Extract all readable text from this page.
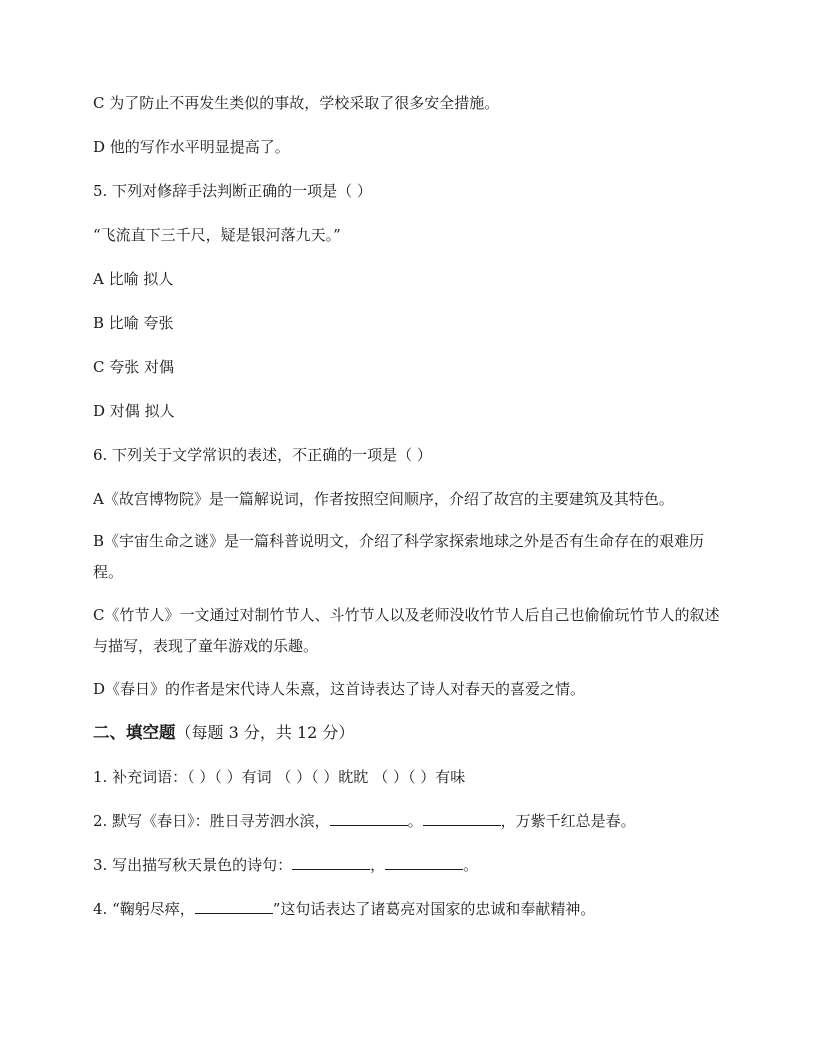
C 为了防止不再发生类似的事故，学校采取了很多安全措施。
D 他的写作水平明显提高了。
5. 下列对修辞手法判断正确的一项是（ ）
“飞流直下三千尺，疑是银河落九天。”
A 比喻 拟人
B 比喻 夸张
C 夸张 对偶
D 对偶 拟人
6. 下列关于文学常识的表述，不正确的一项是（ ）
A《故宫博物院》是一篇解说词，作者按照空间顺序，介绍了故宫的主要建筑及其特色。
B《宇宙生命之谜》是一篇科普说明文，介绍了科学家探索地球之外是否有生命存在的艰难历程。
C《竹节人》一文通过对制竹节人、斗竹节人以及老师没收竹节人后自己也偷偷玩竹节人的叙述与描写，表现了童年游戏的乐趣。
D《春日》的作者是宋代诗人朱熹，这首诗表达了诗人对春天的喜爱之情。
二、填空题（每题 3 分，共 12 分）
1. 补充词语：（ ）（ ）有词 （ ）（ ）眈眈 （ ）（ ）有味
2. 默写《春日》：胜日寻芳泗水滨，	。	，万紫千红总是春。
3. 写出描写秋天景色的诗句：	，	。
4. “鞠躬尽瘁，	”这句话表达了诸葛亮对国家的忠诚和奉献精神。
